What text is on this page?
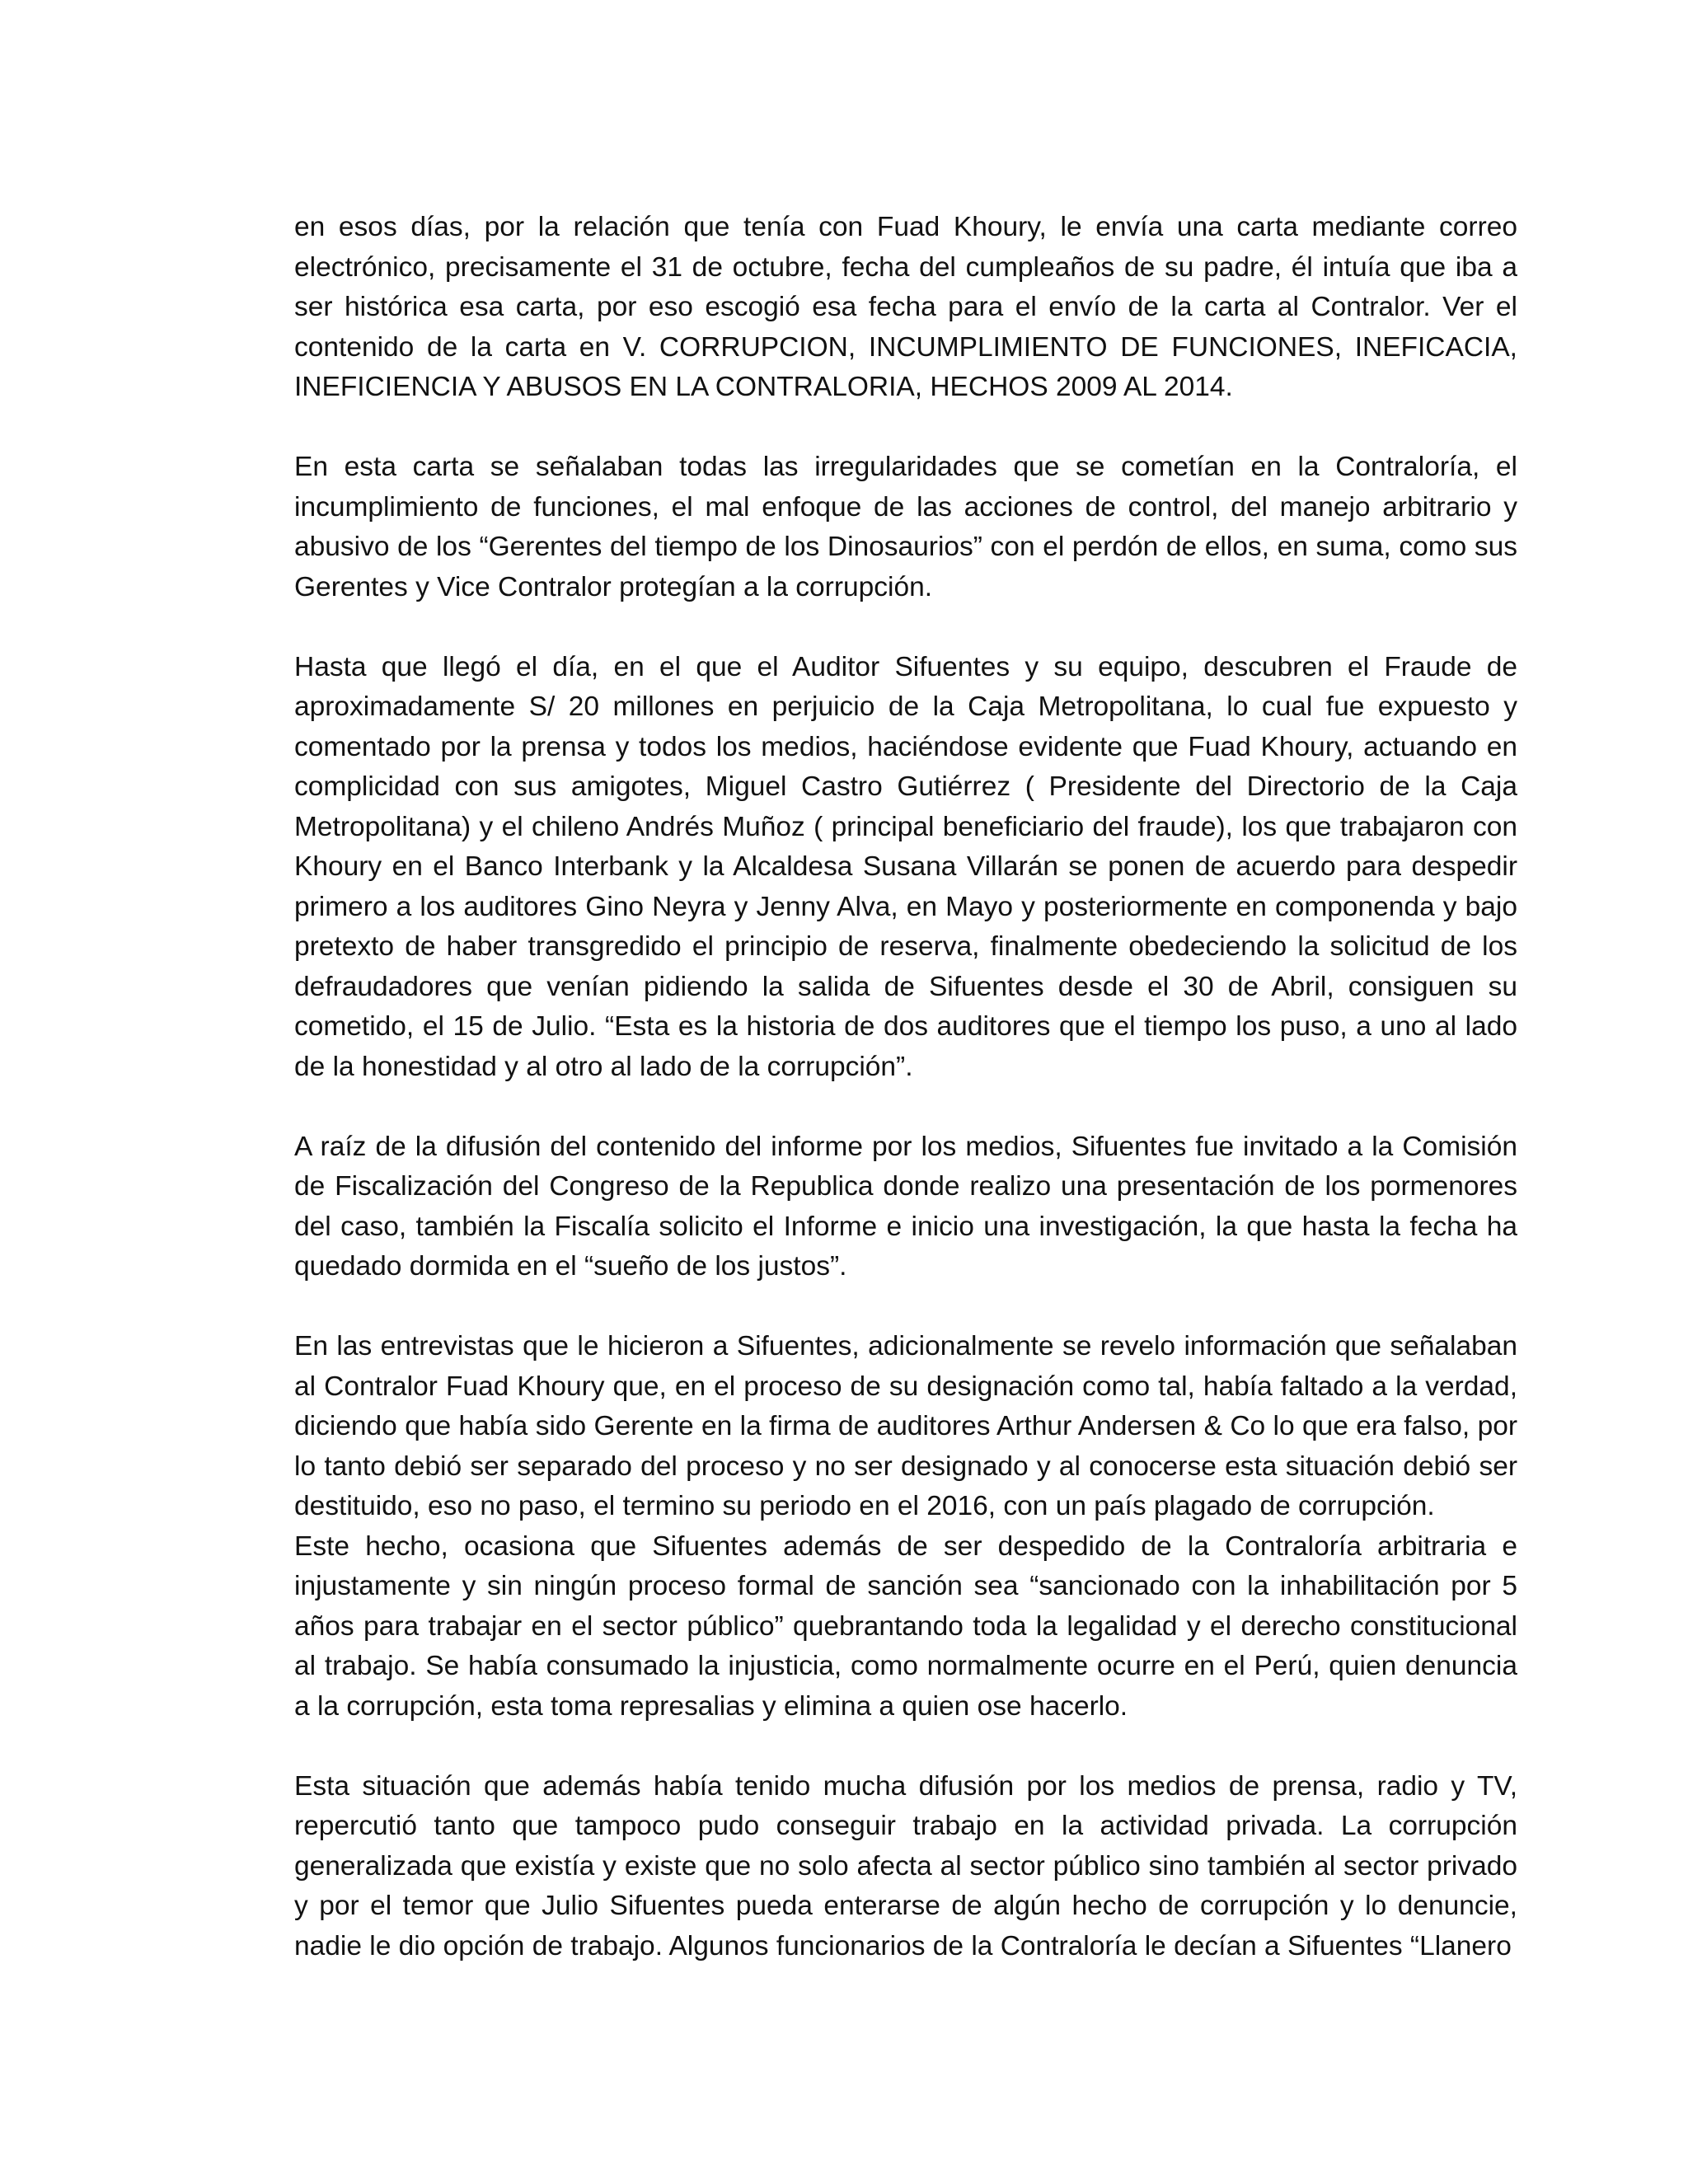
en esos días, por la relación que tenía con Fuad Khoury, le envía una carta mediante correo electrónico, precisamente el 31 de octubre, fecha del cumpleaños de su padre, él intuía que iba a ser histórica esa carta, por eso escogió esa fecha para el envío de la carta al Contralor. Ver el contenido de la carta en V. CORRUPCION, INCUMPLIMIENTO DE FUNCIONES, INEFICACIA, INEFICIENCIA Y ABUSOS EN LA CONTRALORIA, HECHOS 2009 AL 2014.

En esta carta se señalaban todas las irregularidades que se cometían en la Contraloría, el incumplimiento de funciones, el mal enfoque de las acciones de control, del manejo arbitrario y abusivo de los “Gerentes del tiempo de los Dinosaurios” con el perdón de ellos, en suma, como sus Gerentes y Vice Contralor protegían a la corrupción.

Hasta que llegó el día, en el que el Auditor Sifuentes y su equipo, descubren el Fraude de aproximadamente S/ 20 millones en perjuicio de la Caja Metropolitana, lo cual fue expuesto y comentado por la prensa y todos los medios, haciéndose evidente que Fuad Khoury, actuando en complicidad con sus amigotes, Miguel Castro Gutiérrez ( Presidente del Directorio de la Caja Metropolitana) y el chileno Andrés Muñoz ( principal beneficiario del fraude), los que trabajaron con Khoury en el Banco Interbank y la Alcaldesa Susana Villarán se ponen de acuerdo para despedir primero a los auditores Gino Neyra y Jenny Alva, en Mayo y posteriormente en componenda y bajo pretexto de haber transgredido el principio de reserva, finalmente obedeciendo la solicitud de los defraudadores que venían pidiendo la salida de Sifuentes desde el 30 de Abril, consiguen su cometido, el 15 de Julio. “Esta es la historia de dos auditores que el tiempo los puso, a uno al lado de la honestidad y al otro al lado de la corrupción”.

A raíz de la difusión del contenido del informe por los medios, Sifuentes fue invitado a la Comisión de Fiscalización del Congreso de la Republica donde realizo una presentación de los pormenores del caso, también la Fiscalía solicito el Informe e inicio una investigación, la que hasta la fecha ha quedado dormida en el “sueño de los justos”.

En las entrevistas que le hicieron a Sifuentes, adicionalmente se revelo información que señalaban al Contralor Fuad Khoury que, en el proceso de su designación como tal, había faltado a la verdad, diciendo que había sido Gerente en la firma de auditores Arthur Andersen & Co lo que era falso, por lo tanto debió ser separado del proceso y no ser designado y al conocerse esta situación debió ser destituido, eso no paso, el termino su periodo en el 2016, con un país plagado de corrupción.

Este hecho, ocasiona que Sifuentes además de ser despedido de la Contraloría arbitraria e injustamente y sin ningún proceso formal de sanción sea “sancionado con la inhabilitación por 5 años para trabajar en el sector público” quebrantando toda la legalidad y el derecho constitucional al trabajo. Se había consumado la injusticia, como normalmente ocurre en el Perú, quien denuncia a la corrupción, esta toma represalias y elimina a quien ose hacerlo.

Esta situación que además había tenido mucha difusión por los medios de prensa, radio y TV, repercutió tanto que tampoco pudo conseguir trabajo en la actividad privada. La corrupción generalizada que existía y existe que no solo afecta al sector público sino también al sector privado y por el temor que Julio Sifuentes pueda enterarse de algún hecho de corrupción y lo denuncie, nadie le dio opción de trabajo. Algunos funcionarios de la Contraloría le decían a Sifuentes “Llanero
